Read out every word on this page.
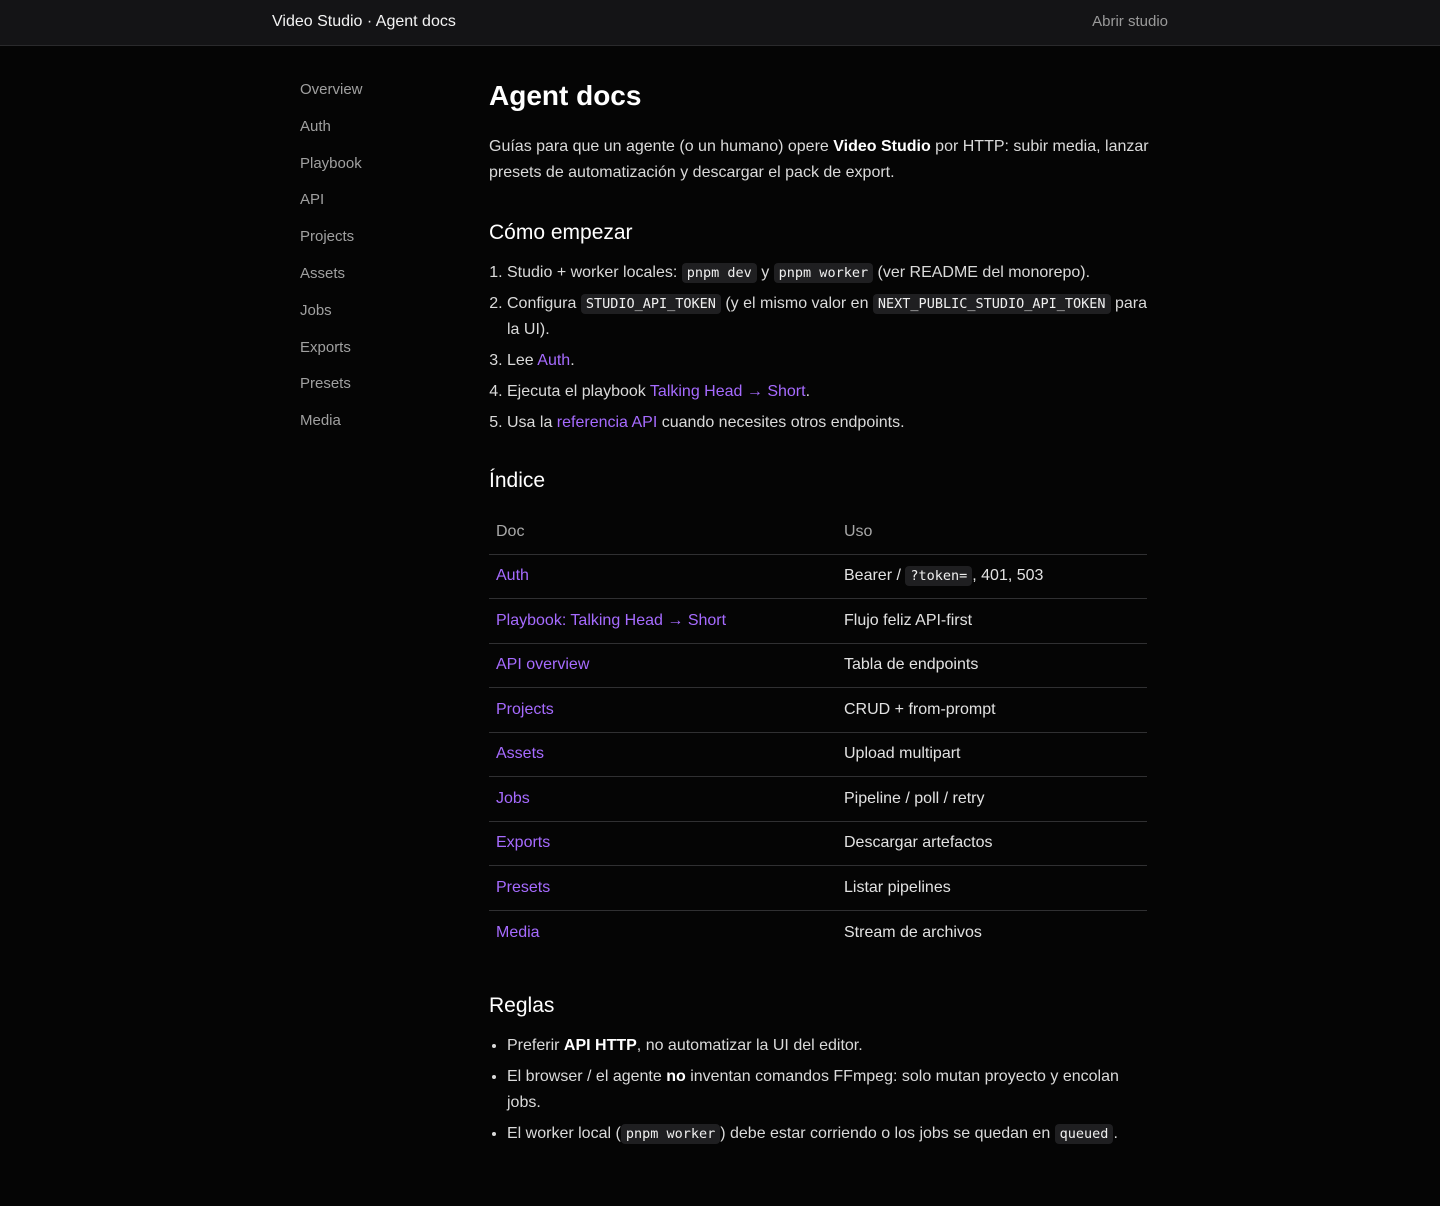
Video Studio · Agent docs	Abrir studio
Overview
Auth
Playbook
API
Projects
Assets
Jobs
Exports
Presets
Media
Agent docs

Guías para que un agente (o un humano) opere Video Studio por HTTP: subir media, lanzar presets de automatización y descargar el pack de export.

Cómo empezar
1. Studio + worker locales: pnpm dev y pnpm worker (ver README del monorepo).
2. Configura STUDIO_API_TOKEN (y el mismo valor en NEXT_PUBLIC_STUDIO_API_TOKEN para la UI).
3. Lee Auth.
4. Ejecuta el playbook Talking Head → Short.
5. Usa la referencia API cuando necesites otros endpoints.
Índice
Doc	Uso
Auth	Bearer / ?token= , 401, 503
Playbook: Talking Head → Short	Flujo feliz API-first
API overview	Tabla de endpoints
Projects	CRUD + from-prompt
Assets	Upload multipart
Jobs	Pipeline / poll / retry
Exports	Descargar artefactos
Presets	Listar pipelines
Media	Stream de archivos
Reglas
• Preferir API HTTP, no automatizar la UI del editor.
• El browser / el agente no inventan comandos FFmpeg: solo mutan proyecto y encolan jobs.
• El worker local ( pnpm worker ) debe estar corriendo o los jobs se quedan en queued .
